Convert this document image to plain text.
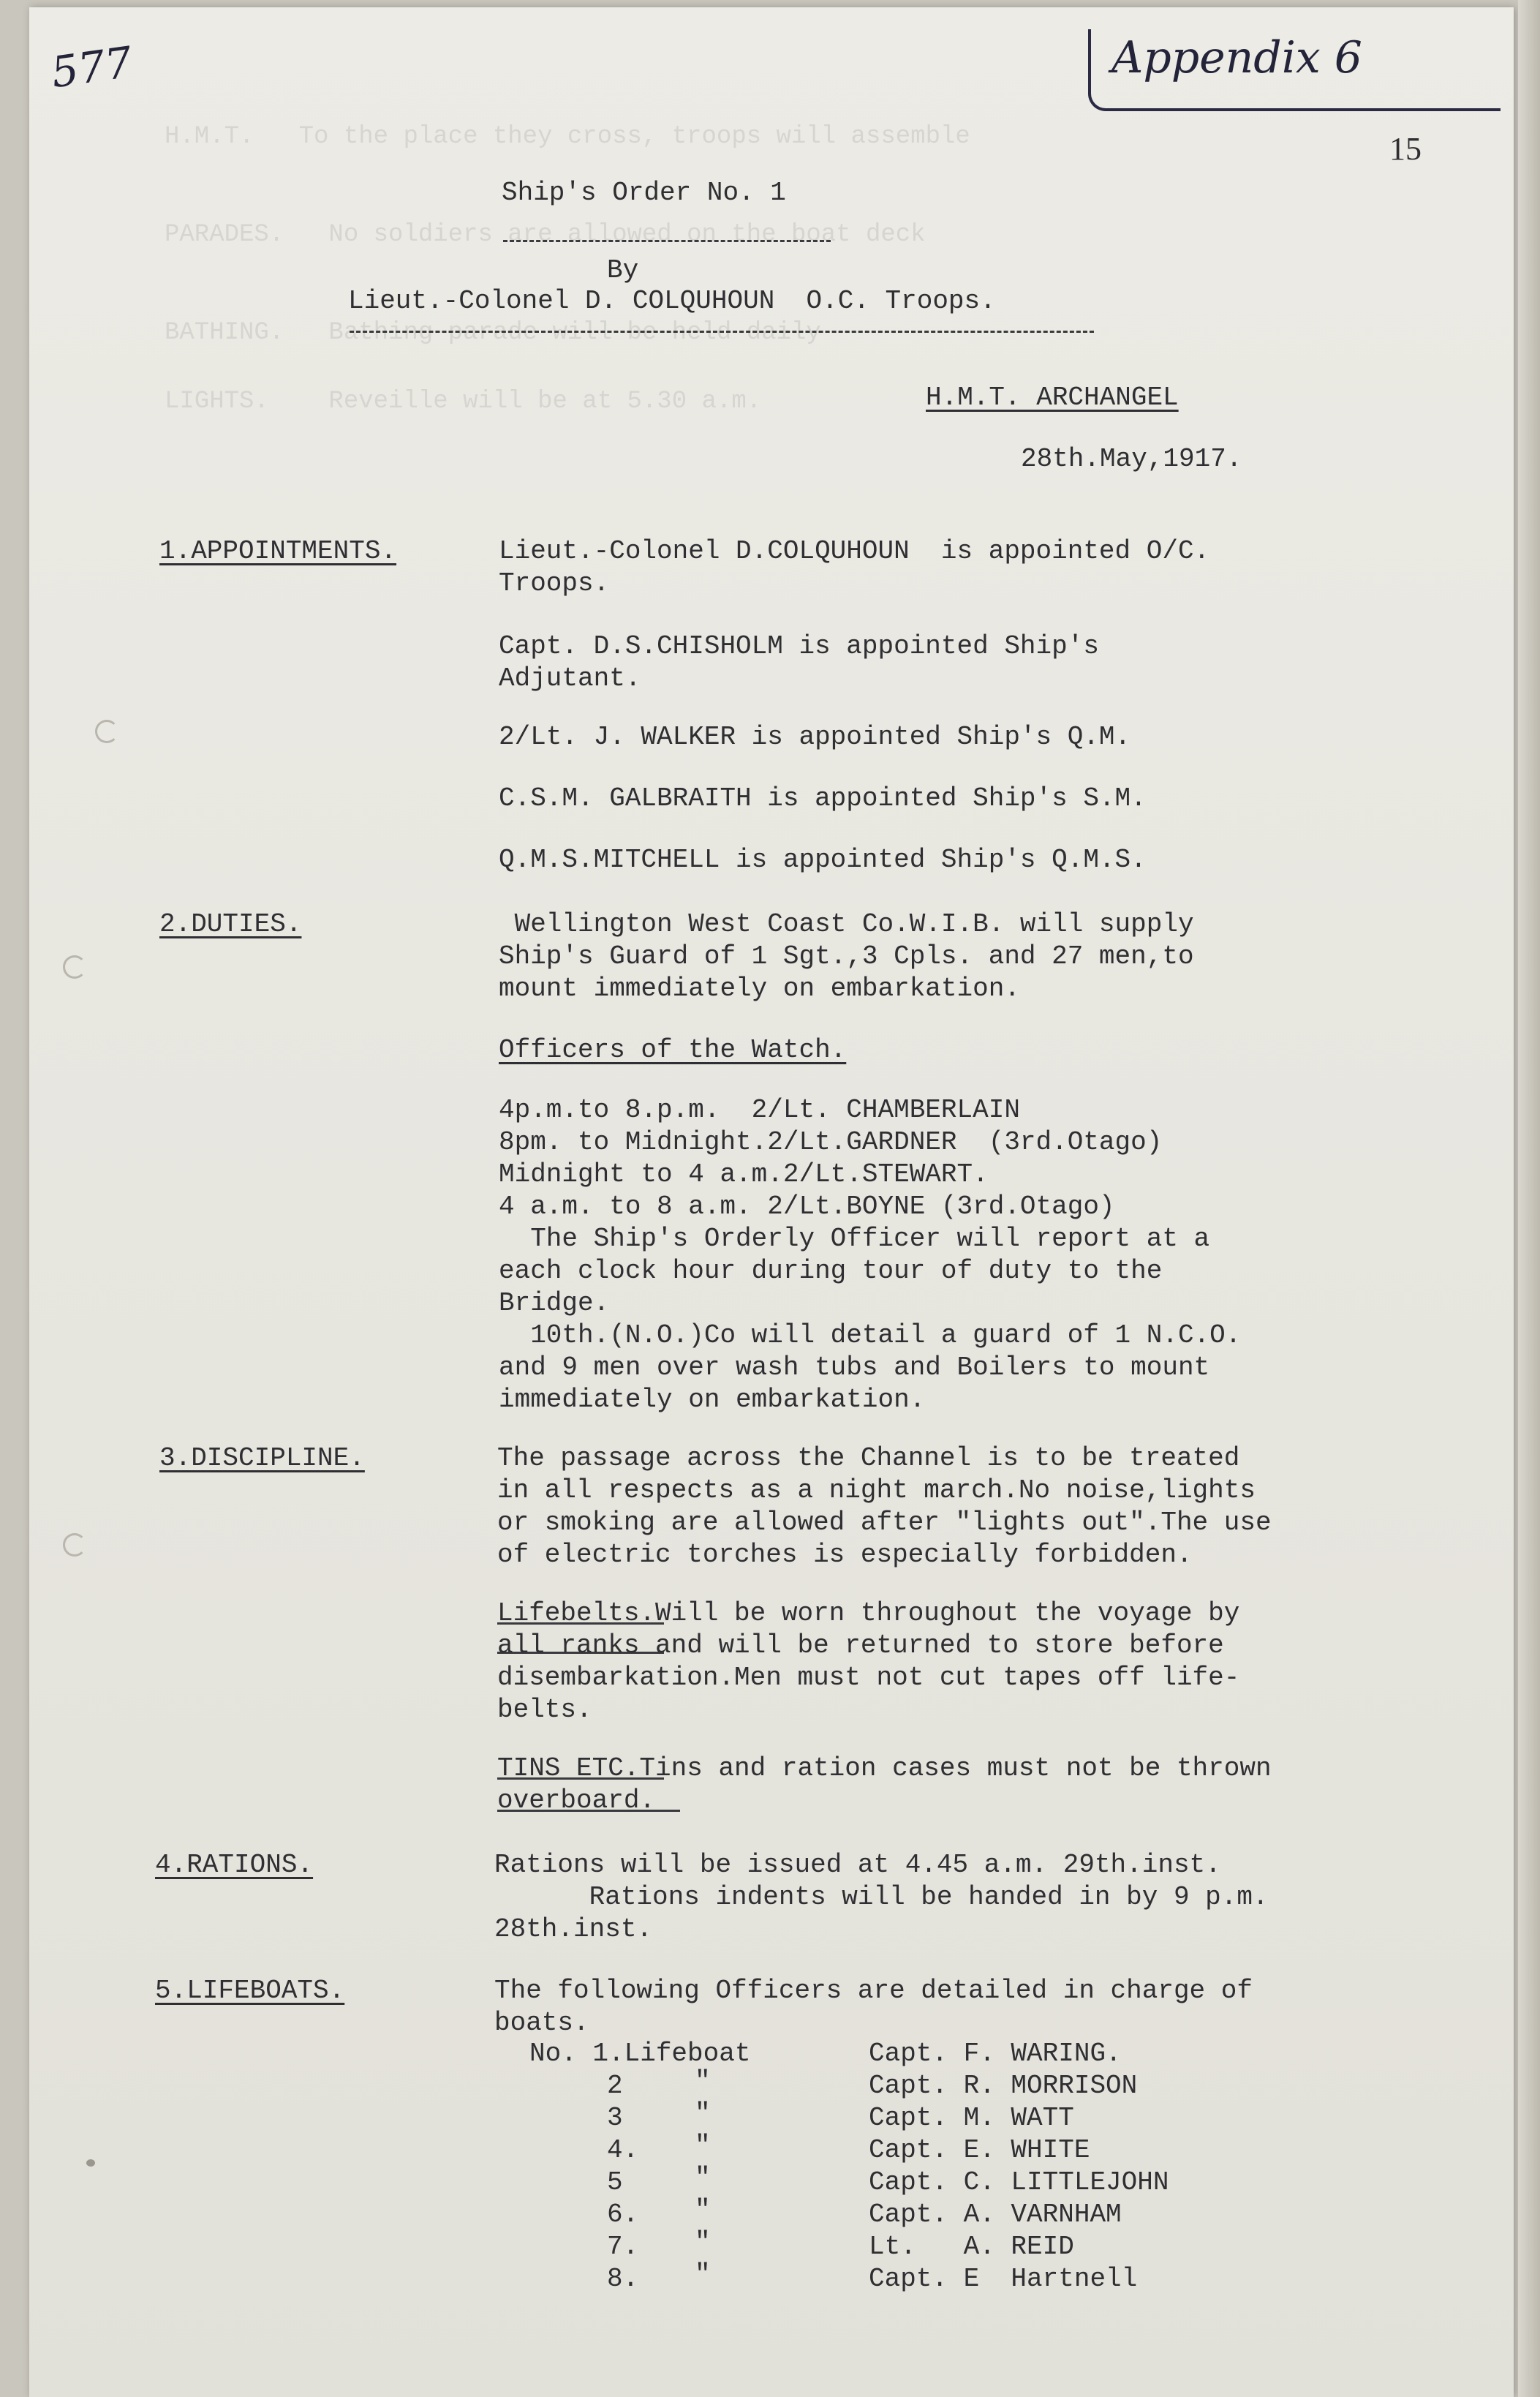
577	Appendix 6
15
H.M.T.   To the place they cross, troops will assemble
PARADES.   No soldiers are allowed on the boat deck
BATHING.   Bathing parade will be held daily
LIGHTS.    Reveille will be at 5.30 a.m.
Ship's Order No. 1
By
Lieut.-Colonel D. COLQUHOUN  O.C. Troops.
H.M.T. ARCHANGEL
28th.May,1917.
1.APPOINTMENTS.	Lieut.-Colonel D.COLQUHOUN  is appointed O/C.
Troops.
Capt. D.S.CHISHOLM is appointed Ship's
Adjutant.
2/Lt. J. WALKER is appointed Ship's Q.M.
C.S.M. GALBRAITH is appointed Ship's S.M.
Q.M.S.MITCHELL is appointed Ship's Q.M.S.
2.DUTIES.	Wellington West Coast Co.W.I.B. will supply
Ship's Guard of 1 Sgt.,3 Cpls. and 27 men,to
mount immediately on embarkation.
Officers of the Watch.
4p.m.to 8.p.m.  2/Lt. CHAMBERLAIN
8pm. to Midnight.2/Lt.GARDNER  (3rd.Otago)
Midnight to 4 a.m.2/Lt.STEWART.
4 a.m. to 8 a.m. 2/Lt.BOYNE (3rd.Otago)
The Ship's Orderly Officer will report at a
each clock hour during tour of duty to the
Bridge.
10th.(N.O.)Co will detail a guard of 1 N.C.O.
and 9 men over wash tubs and Boilers to mount
immediately on embarkation.
3.DISCIPLINE.	The passage across the Channel is to be treated
in all respects as a night march.No noise,lights
or smoking are allowed after "lights out".The use
of electric torches is especially forbidden.
Lifebelts.Will be worn throughout the voyage by
all ranks and will be returned to store before
disembarkation.Men must not cut tapes off life-
belts.
TINS ETC.Tins and ration cases must not be thrown
overboard.
4.RATIONS.	Rations will be issued at 4.45 a.m. 29th.inst.
Rations indents will be handed in by 9 p.m.
28th.inst.
5.LIFEBOATS.	The following Officers are detailed in charge of
boats.
No. 1.Lifeboat	Capt. F. WARING.
2	"	Capt. R. MORRISON
3	"	Capt. M. WATT
4. "	Capt. E. WHITE
5	"	Capt. C. LITTLEJOHN
6. "	Capt. A. VARNHAM
7. "	Lt.   A. REID
8. "	Capt. E  Hartnell
